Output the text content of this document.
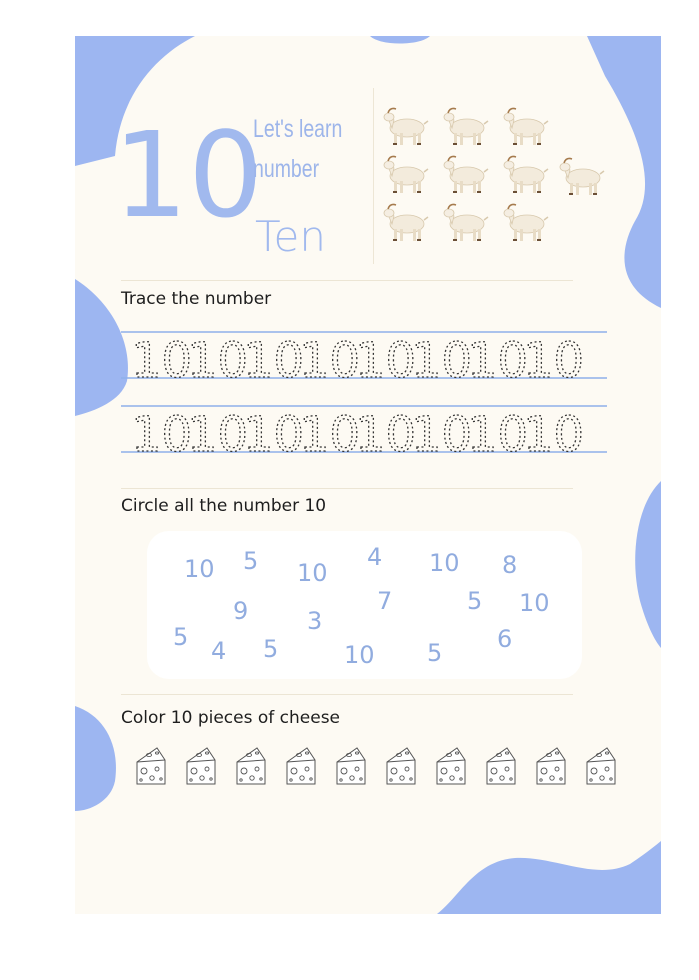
10
Let's learn
number
Ten
Trace the number
10
10
10
10
10
10
10
10
10
10
10
10
10
10
10
10
Circle all the number 10
10 5 10
4 10 8
9	7	5 10
3
5 4 5	10 5 6
Color 10 pieces of cheese
